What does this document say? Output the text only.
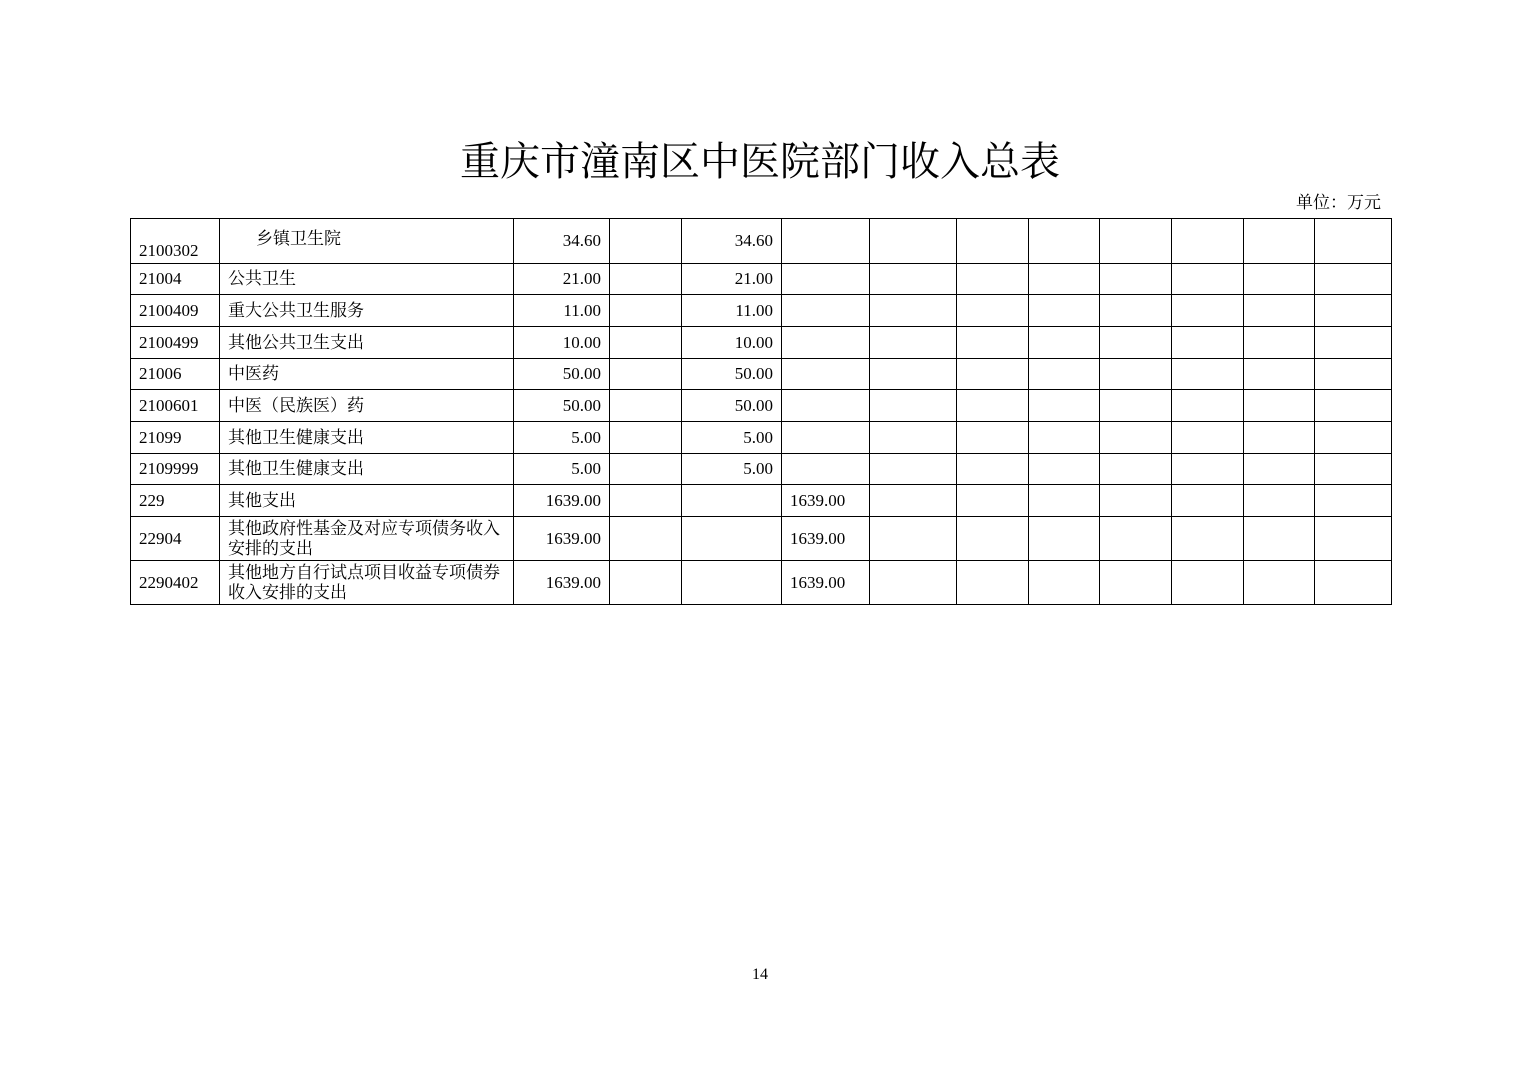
重庆市潼南区中医院部门收入总表
单位：万元
2100302	乡镇卫生院	34.60		34.60								
21004	公共卫生	21.00		21.00								
2100409	重大公共卫生服务	11.00		11.00								
2100499	其他公共卫生支出	10.00		10.00								
21006	中医药	50.00		50.00								
2100601	中医（民族医）药	50.00		50.00								
21099	其他卫生健康支出	5.00		5.00								
2109999	其他卫生健康支出	5.00		5.00								
229	其他支出	1639.00			1639.00							
22904	其他政府性基金及对应专项债务收入安排的支出	1639.00			1639.00							
2290402	其他地方自行试点项目收益专项债券收入安排的支出	1639.00			1639.00							
14
